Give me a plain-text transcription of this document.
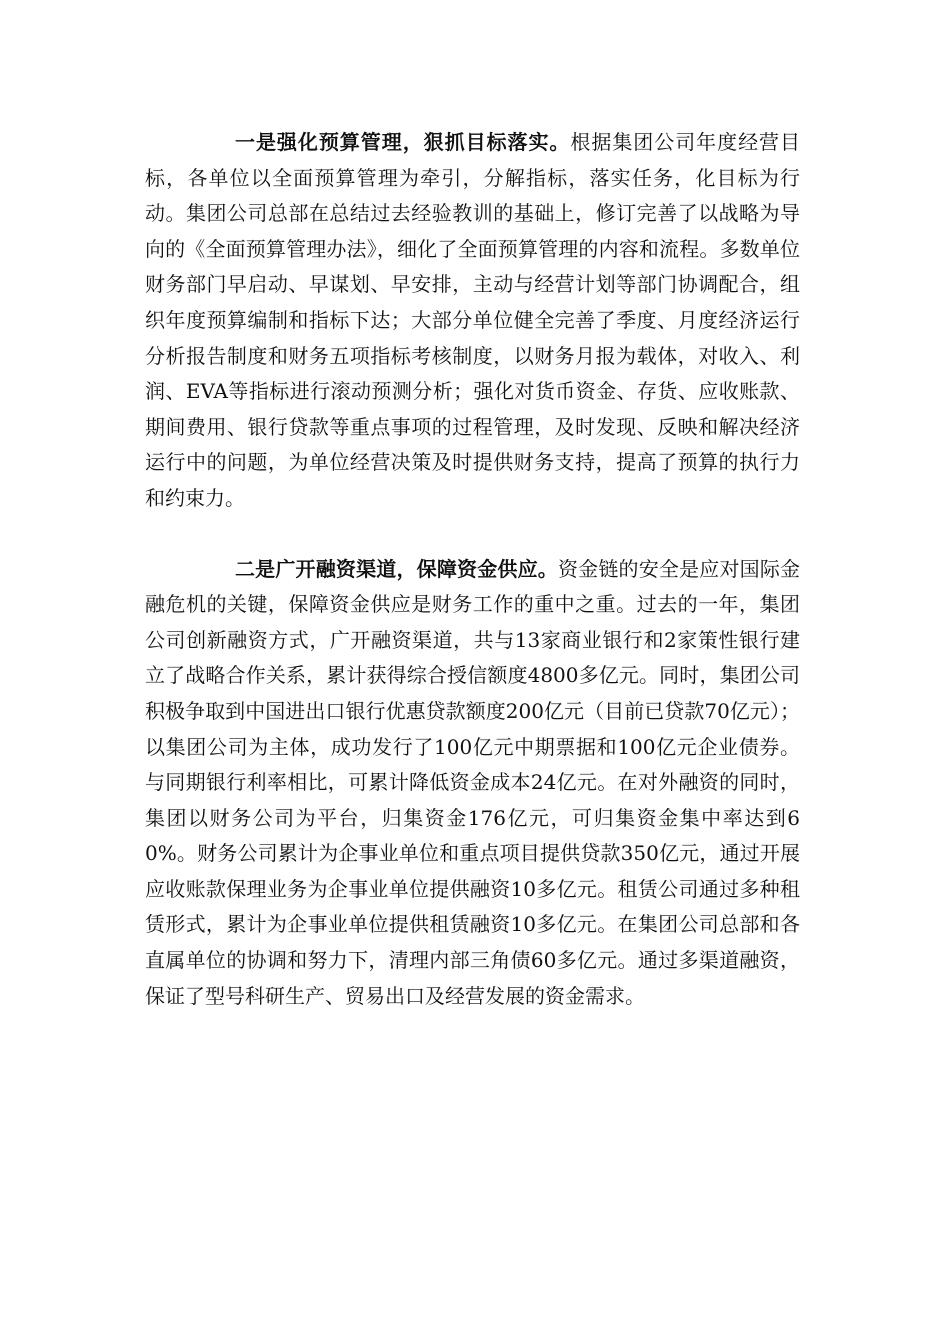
一是强化预算管理，狠抓目标落实。根据集团公司年度经营目标，各单位以全面预算管理为牵引，分解指标，落实任务，化目标为行动。集团公司总部在总结过去经验教训的基础上，修订完善了以战略为导向的《全面预算管理办法》，细化了全面预算管理的内容和流程。多数单位财务部门早启动、早谋划、早安排，主动与经营计划等部门协调配合，组织年度预算编制和指标下达；大部分单位健全完善了季度、月度经济运行分析报告制度和财务五项指标考核制度，以财务月报为载体，对收入、利润、EVA等指标进行滚动预测分析；强化对货币资金、存货、应收账款、期间费用、银行贷款等重点事项的过程管理，及时发现、反映和解决经济运行中的问题，为单位经营决策及时提供财务支持，提高了预算的执行力和约束力。

二是广开融资渠道，保障资金供应。资金链的安全是应对国际金融危机的关键，保障资金供应是财务工作的重中之重。过去的一年，集团公司创新融资方式，广开融资渠道，共与13家商业银行和2家策性银行建立了战略合作关系，累计获得综合授信额度4800多亿元。同时，集团公司积极争取到中国进出口银行优惠贷款额度200亿元（目前已贷款70亿元）；以集团公司为主体，成功发行了100亿元中期票据和100亿元企业债券。与同期银行利率相比，可累计降低资金成本24亿元。在对外融资的同时，集团以财务公司为平台，归集资金176亿元，可归集资金集中率达到60%。财务公司累计为企事业单位和重点项目提供贷款350亿元，通过开展应收账款保理业务为企事业单位提供融资10多亿元。租赁公司通过多种租赁形式，累计为企事业单位提供租赁融资10多亿元。在集团公司总部和各直属单位的协调和努力下，清理内部三角债60多亿元。通过多渠道融资，保证了型号科研生产、贸易出口及经营发展的资金需求。
